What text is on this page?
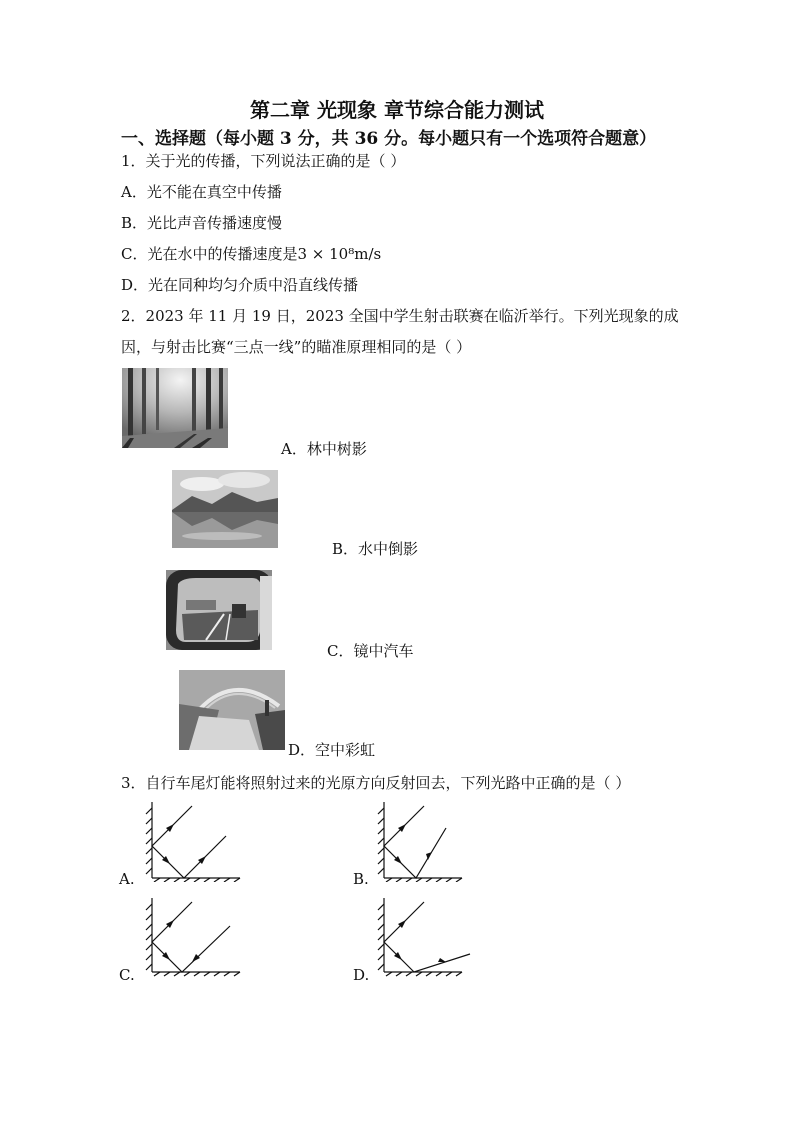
第二章 光现象 章节综合能力测试
一、选择题（每小题 3 分，共 36 分。每小题只有一个选项符合题意）
1．关于光的传播，下列说法正确的是（ ）
A．光不能在真空中传播
B．光比声音传播速度慢
C．光在水中的传播速度是3 × 10⁸m/s
D．光在同种均匀介质中沿直线传播
2．2023 年 11 月 19 日，2023 全国中学生射击联赛在临沂举行。下列光现象的成
因，与射击比赛“三点一线”的瞄准原理相同的是（ ）
A．林中树影
B．水中倒影
C．镜中汽车
D．空中彩虹
3．自行车尾灯能将照射过来的光原方向反射回去，下列光路中正确的是（ ）
A.	B.
C.	D.
